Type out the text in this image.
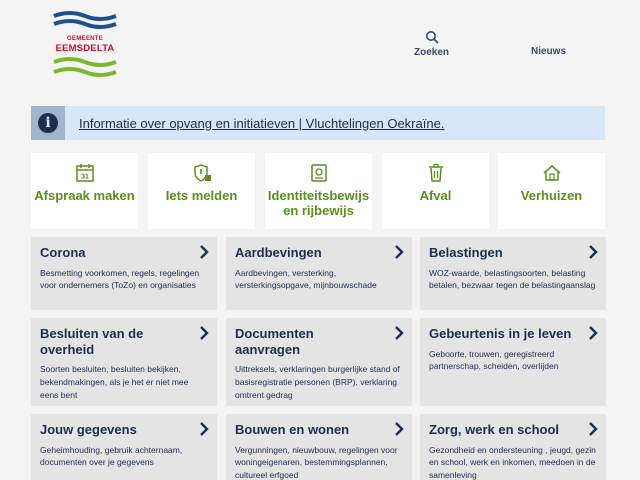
GEMEENTE
EEMSDELTA	Zoeken	Nieuws
i	Informatie over opvang en initiatieven | Vluchtelingen Oekraïne.
31
Afspraak maken Iets melden Identiteitsbewijs en rijbewijs
Afval	Verhuizen
Corona
Besmetting voorkomen, regels, regelingen voor ondernemers (ToZo) en organisaties
Aardbevingen
Aardbevingen, versterking, versterkingsopgave, mijnbouwschade
Belastingen
WOZ-waarde, belastingsoorten, belasting betalen, bezwaar tegen de belastingaanslag
Besluiten van de overheid
Soorten besluiten, besluiten bekijken, bekendmakingen, als je het er niet mee eens bent
Documenten aanvragen
Uittreksels, verklaringen burgerlijke stand of basisregistratie personen (BRP), verklaring omtrent gedrag
Gebeurtenis in je leven
Geboorte, trouwen, geregistreerd partnerschap, scheiden, overlijden
Jouw gegevens
Geheimhouding, gebruik achternaam, documenten over je gegevens
Bouwen en wonen
Vergunningen, nieuwbouw, regelingen voor woningeigenaren, bestemmingsplannen, cultureel erfgoed
Zorg, werk en school
Gezondheid en ondersteuning , jeugd, gezin en school, werk en inkomen, meedoen in de samenleving
